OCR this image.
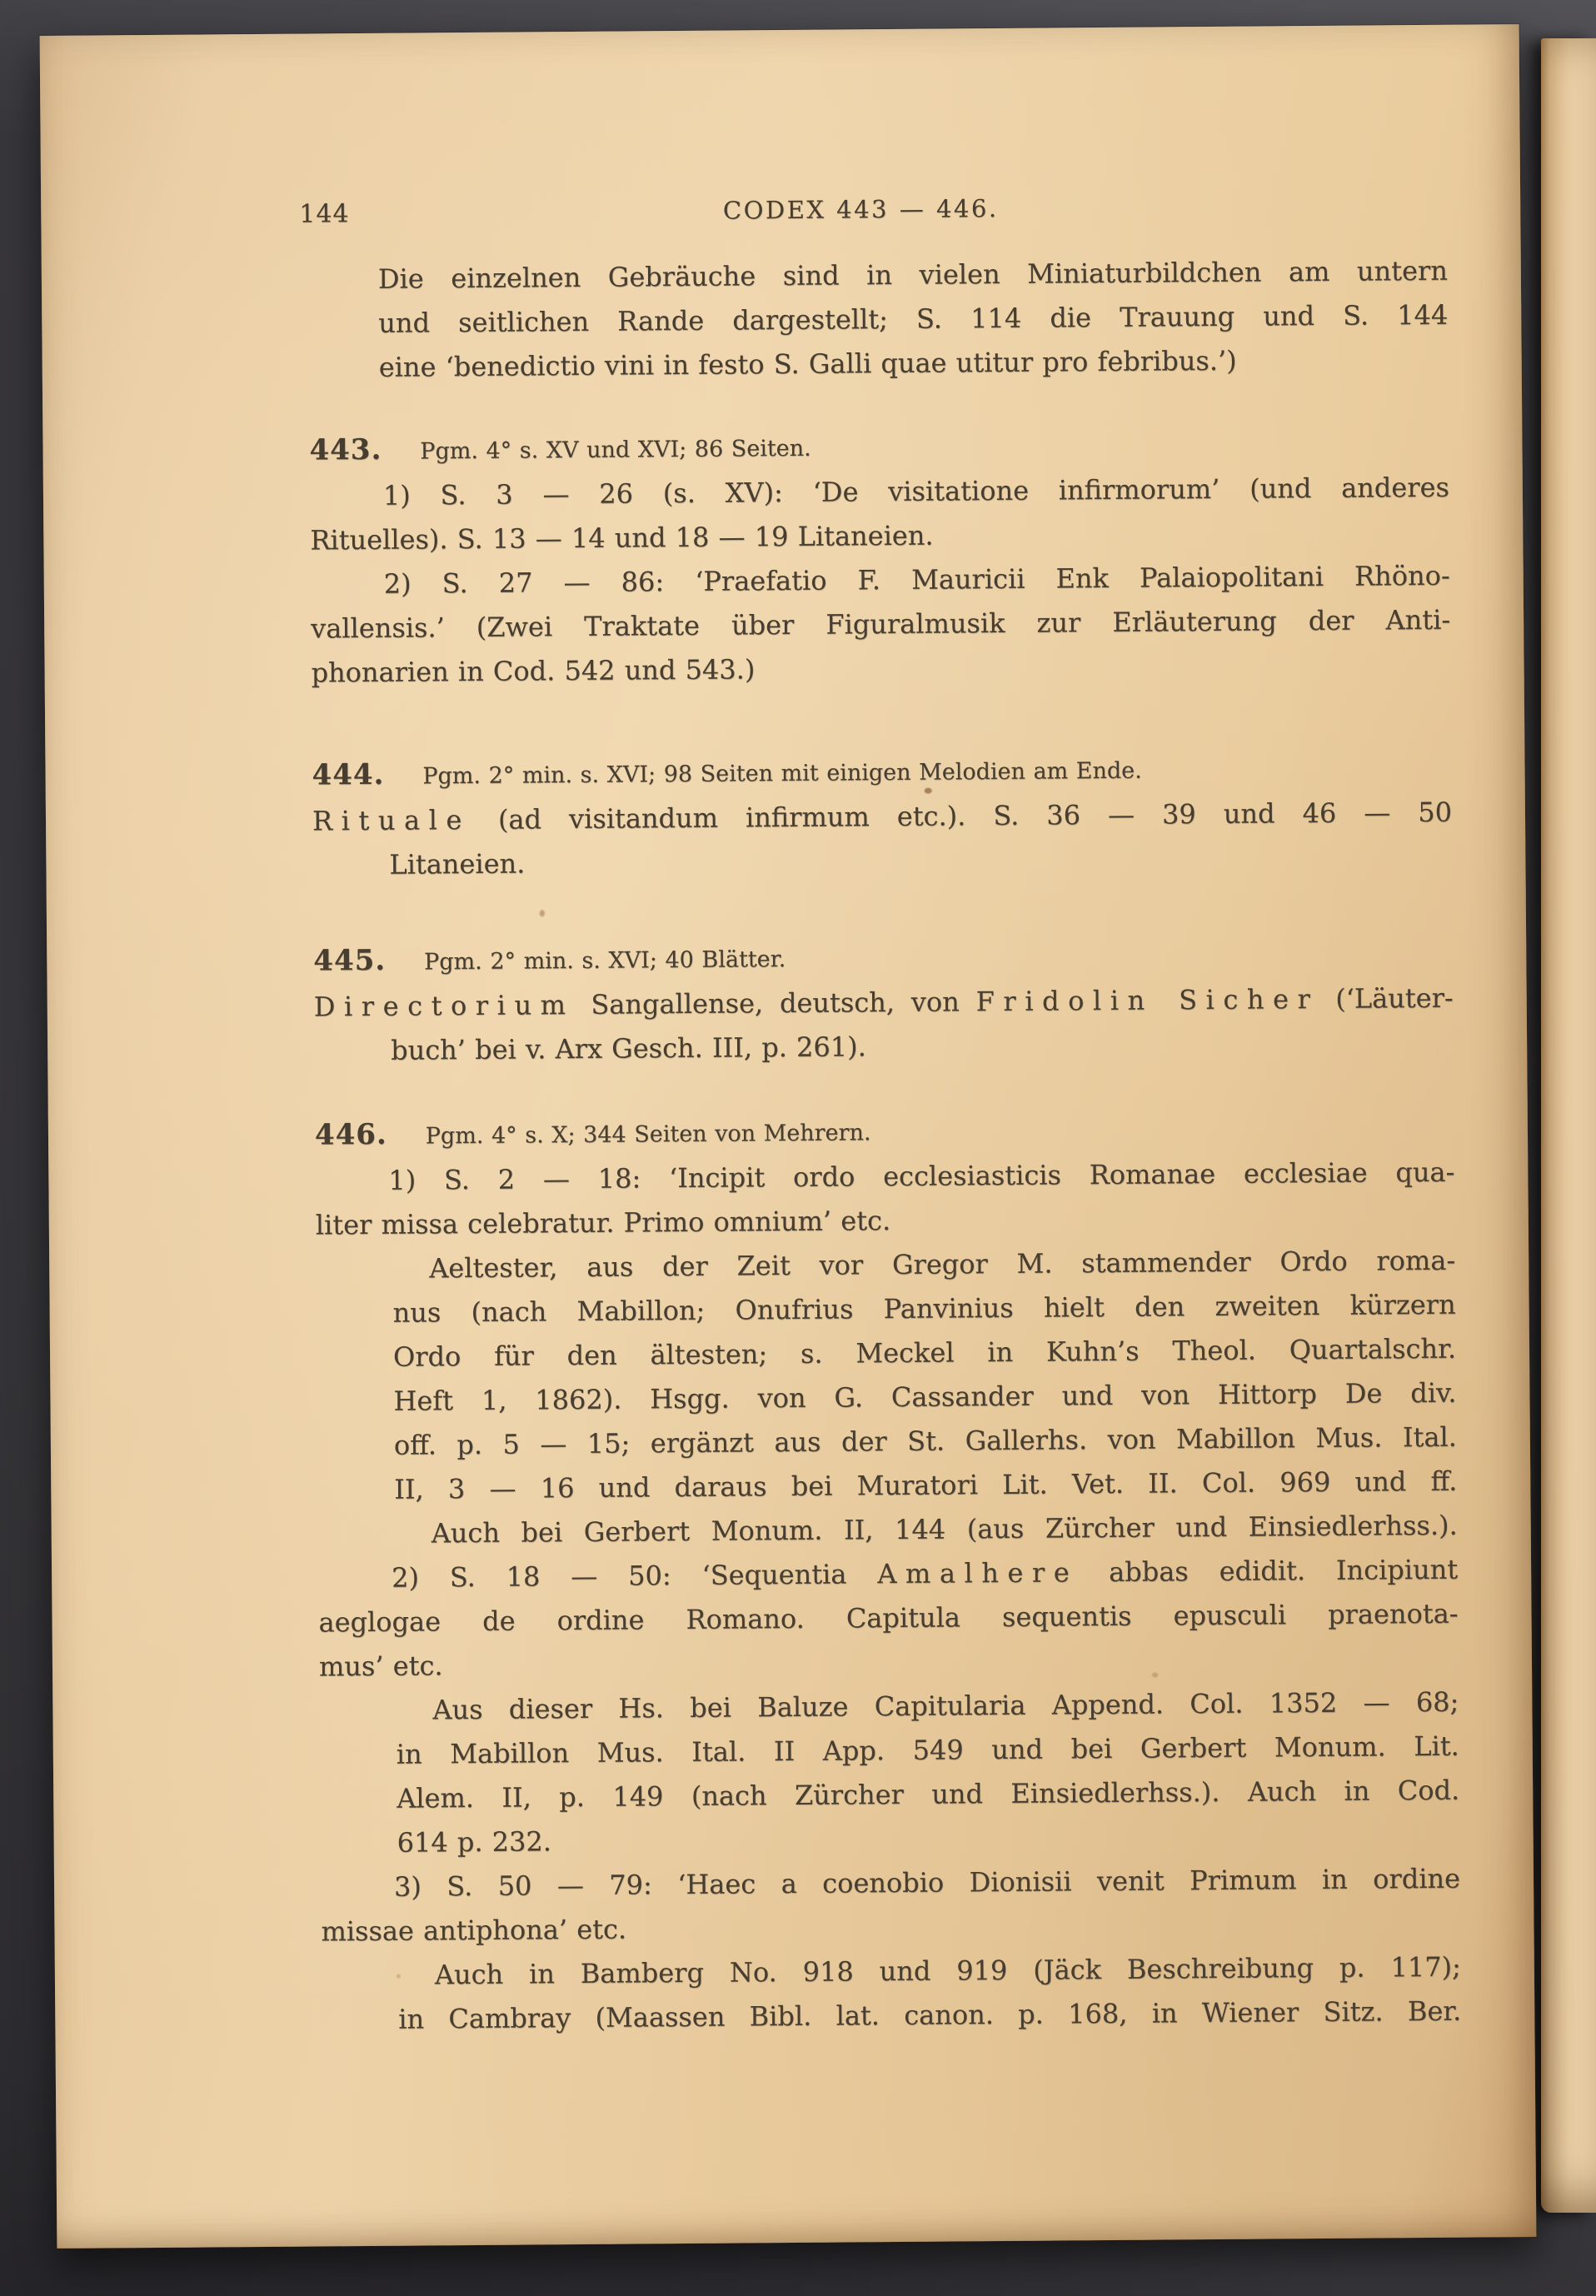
144	CODEX 443 — 446.
Die einzelnen Gebräuche sind in vielen Miniaturbildchen am untern
und seitlichen Rande dargestellt; S. 114 die Trauung und S. 144
eine ‘benedictio vini in festo S. Galli quae utitur pro febribus.’)
443. Pgm. 4° s. XV und XVI; 86 Seiten.
1) S. 3 — 26 (s. XV): ‘De visitatione infirmorum’ (und anderes
Rituelles). S. 13 — 14 und 18 — 19 Litaneien.
2) S. 27 — 86: ‘Praefatio F. Mauricii Enk Palaiopolitani Rhöno-
vallensis.’ (Zwei Traktate über Figuralmusik zur Erläuterung der Anti-
phonarien in Cod. 542 und 543.)
444. Pgm. 2° min. s. XVI; 98 Seiten mit einigen Melodien am Ende.
Rituale (ad visitandum infirmum etc.). S. 36 — 39 und 46 — 50
Litaneien.
445. Pgm. 2° min. s. XVI; 40 Blätter.
Directorium Sangallense, deutsch, von Fridolin Sicher (‘Läuter-
buch’ bei v. Arx Gesch. III, p. 261).
446. Pgm. 4° s. X; 344 Seiten von Mehrern.
1) S. 2 — 18: ‘Incipit ordo ecclesiasticis Romanae ecclesiae qua-
liter missa celebratur. Primo omnium’ etc.
Aeltester, aus der Zeit vor Gregor M. stammender Ordo roma-
nus (nach Mabillon; Onufrius Panvinius hielt den zweiten kürzern
Ordo für den ältesten; s. Meckel in Kuhn’s Theol. Quartalschr.
Heft 1, 1862). Hsgg. von G. Cassander und von Hittorp De div.
off. p. 5 — 15; ergänzt aus der St. Gallerhs. von Mabillon Mus. Ital.
II, 3 — 16 und daraus bei Muratori Lit. Vet. II. Col. 969 und ff.
Auch bei Gerbert Monum. II, 144 (aus Zürcher und Einsiedlerhss.).
2) S. 18 — 50: ‘Sequentia Amalhere abbas edidit. Incipiunt
aeglogae de ordine Romano. Capitula sequentis epusculi praenota-
mus’ etc.
Aus dieser Hs. bei Baluze Capitularia Append. Col. 1352 — 68;
in Mabillon Mus. Ital. II App. 549 und bei Gerbert Monum. Lit.
Alem. II, p. 149 (nach Zürcher und Einsiedlerhss.). Auch in Cod.
614 p. 232.
3) S. 50 — 79: ‘Haec a coenobio Dionisii venit Primum in ordine
missae antiphona’ etc.
Auch in Bamberg No. 918 und 919 (Jäck Beschreibung p. 117);
in Cambray (Maassen Bibl. lat. canon. p. 168, in Wiener Sitz. Ber.
